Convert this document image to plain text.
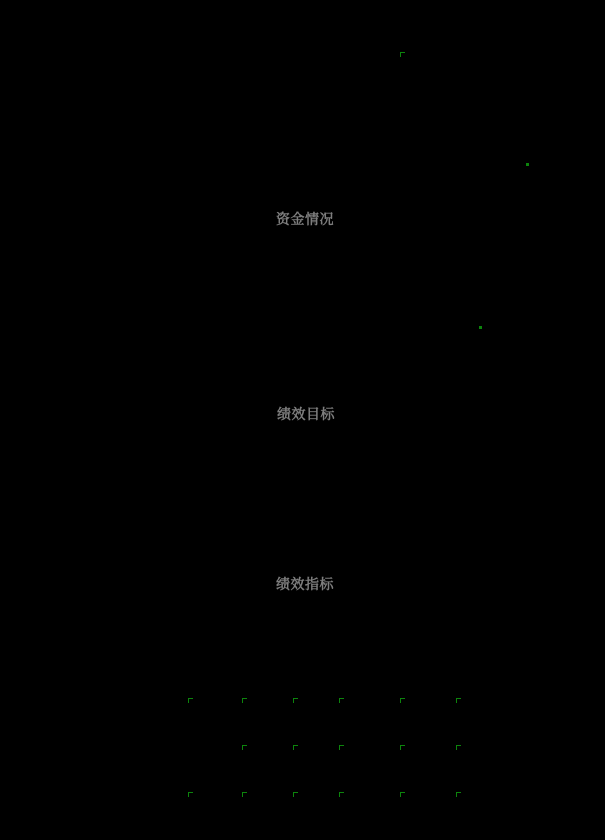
资金情况
绩效目标
绩效指标
